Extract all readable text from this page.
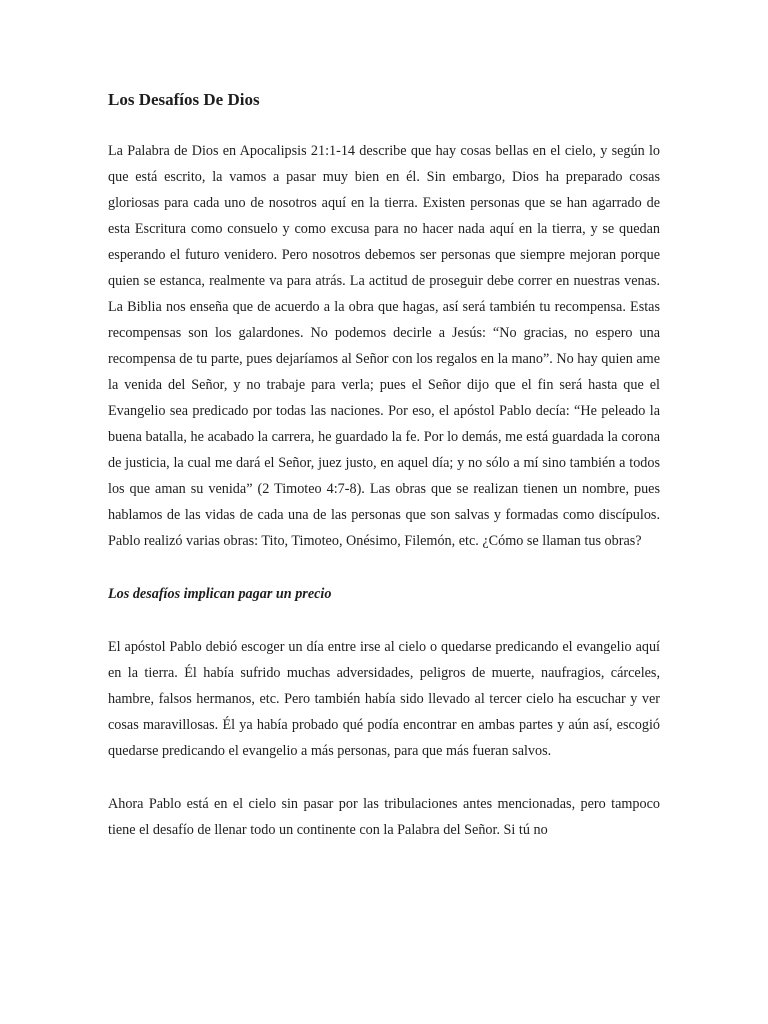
Los Desafíos De Dios

La Palabra de Dios en Apocalipsis 21:1-14 describe que hay cosas bellas en el cielo, y según lo que está escrito, la vamos a pasar muy bien en él. Sin embargo, Dios ha preparado cosas gloriosas para cada uno de nosotros aquí en la tierra. Existen personas que se han agarrado de esta Escritura como consuelo y como excusa para no hacer nada aquí en la tierra, y se quedan esperando el futuro venidero. Pero nosotros debemos ser personas que siempre mejoran porque quien se estanca, realmente va para atrás. La actitud de proseguir debe correr en nuestras venas. La Biblia nos enseña que de acuerdo a la obra que hagas, así será también tu recompensa. Estas recompensas son los galardones. No podemos decirle a Jesús: “No gracias, no espero una recompensa de tu parte, pues dejaríamos al Señor con los regalos en la mano”. No hay quien ame la venida del Señor, y no trabaje para verla; pues el Señor dijo que el fin será hasta que el Evangelio sea predicado por todas las naciones. Por eso, el apóstol Pablo decía: “He peleado la buena batalla, he acabado la carrera, he guardado la fe. Por lo demás, me está guardada la corona de justicia, la cual me dará el Señor, juez justo, en aquel día; y no sólo a mí sino también a todos los que aman su venida” (2 Timoteo 4:7-8). Las obras que se realizan tienen un nombre, pues hablamos de las vidas de cada una de las personas que son salvas y formadas como discípulos. Pablo realizó varias obras: Tito, Timoteo, Onésimo, Filemón, etc. ¿Cómo se llaman tus obras?

Los desafíos implican pagar un precio

El apóstol Pablo debió escoger un día entre irse al cielo o quedarse predicando el evangelio aquí en la tierra. Él había sufrido muchas adversidades, peligros de muerte, naufragios, cárceles, hambre, falsos hermanos, etc. Pero también había sido llevado al tercer cielo ha escuchar y ver cosas maravillosas. Él ya había probado qué podía encontrar en ambas partes y aún así, escogió quedarse predicando el evangelio a más personas, para que más fueran salvos.

Ahora Pablo está en el cielo sin pasar por las tribulaciones antes mencionadas, pero tampoco tiene el desafío de llenar todo un continente con la Palabra del Señor. Si tú no
